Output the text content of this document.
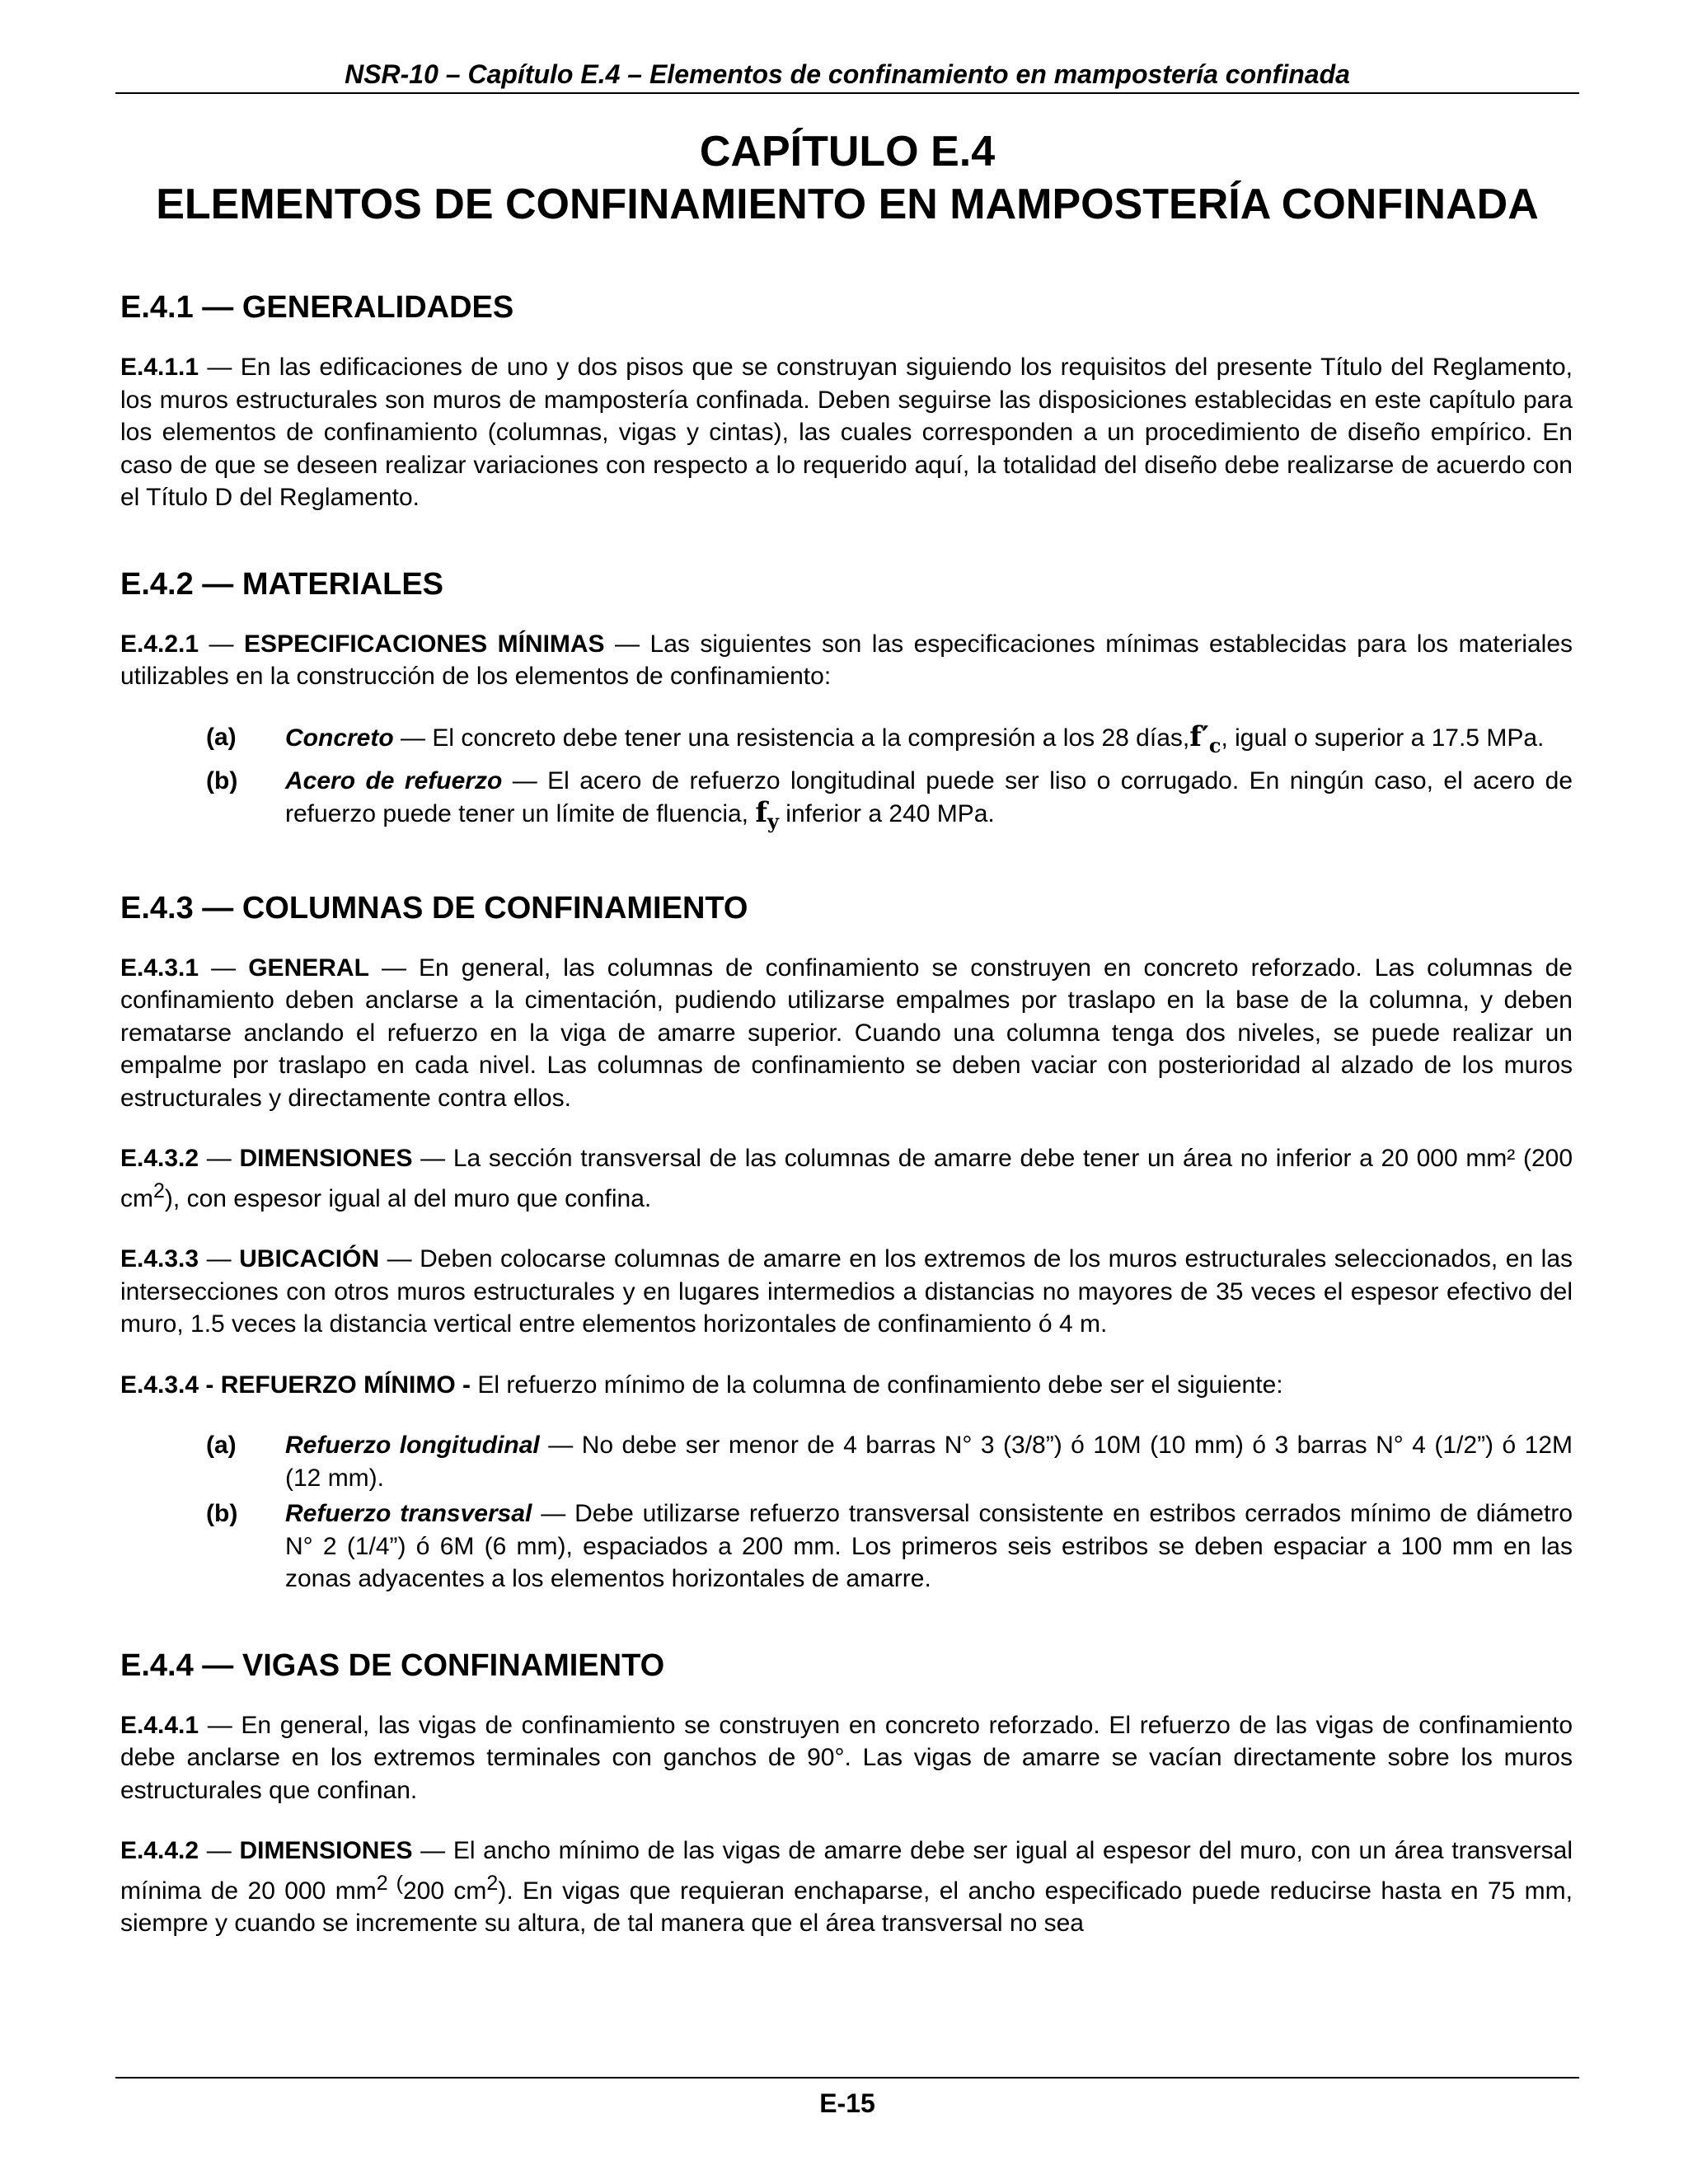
NSR-10 – Capítulo E.4 – Elementos de confinamiento en mampostería confinada
CAPÍTULO E.4
ELEMENTOS DE CONFINAMIENTO EN MAMPOSTERÍA CONFINADA
E.4.1 — GENERALIDADES

E.4.1.1 — En las edificaciones de uno y dos pisos que se construyan siguiendo los requisitos del presente Título del Reglamento, los muros estructurales son muros de mampostería confinada. Deben seguirse las disposiciones establecidas en este capítulo para los elementos de confinamiento (columnas, vigas y cintas), las cuales corresponden a un procedimiento de diseño empírico. En caso de que se deseen realizar variaciones con respecto a lo requerido aquí, la totalidad del diseño debe realizarse de acuerdo con el Título D del Reglamento.

E.4.2 — MATERIALES

E.4.2.1 — ESPECIFICACIONES MÍNIMAS — Las siguientes son las especificaciones mínimas establecidas para los materiales utilizables en la construcción de los elementos de confinamiento:

(a)	Concreto — El concreto debe tener una resistencia a la compresión a los 28 $días,f'_c$, igual o superior a 17.5 MPa.
(b)	Acero de refuerzo — El acero de refuerzo longitudinal puede ser liso o corrugado. En ningún caso, el acero de refuerzo puede tener un límite de fluencia, $f_y$ inferior a 240 MPa.
E.4.3 — COLUMNAS DE CONFINAMIENTO

E.4.3.1 — GENERAL — En general, las columnas de confinamiento se construyen en concreto reforzado. Las columnas de confinamiento deben anclarse a la cimentación, pudiendo utilizarse empalmes por traslapo en la base de la columna, y deben rematarse anclando el refuerzo en la viga de amarre superior. Cuando una columna tenga dos niveles, se puede realizar un empalme por traslapo en cada nivel. Las columnas de confinamiento se deben vaciar con posterioridad al alzado de los muros estructurales y directamente contra ellos.

E.4.3.2 — DIMENSIONES — La sección transversal de las columnas de amarre debe tener un área no inferior a 20 000 mm² (200 $cm^2$), con espesor igual al del muro que confina.

E.4.3.3 — UBICACIÓN — Deben colocarse columnas de amarre en los extremos de los muros estructurales seleccionados, en las intersecciones con otros muros estructurales y en lugares intermedios a distancias no mayores de 35 veces el espesor efectivo del muro, 1.5 veces la distancia vertical entre elementos horizontales de confinamiento ó 4 m.

E.4.3.4 - REFUERZO MÍNIMO - El refuerzo mínimo de la columna de confinamiento debe ser el siguiente:

(a)	Refuerzo longitudinal — No debe ser menor de 4 barras N° 3 (3/8”) ó 10M (10 mm) ó 3 barras N° 4 (1/2”) ó 12M (12 mm).
(b)	Refuerzo transversal — Debe utilizarse refuerzo transversal consistente en estribos cerrados mínimo de diámetro N° 2 (1/4”) ó 6M (6 mm), espaciados a 200 mm. Los primeros seis estribos se deben espaciar a 100 mm en las zonas adyacentes a los elementos horizontales de amarre.
E.4.4 — VIGAS DE CONFINAMIENTO

E.4.4.1 — En general, las vigas de confinamiento se construyen en concreto reforzado. El refuerzo de las vigas de confinamiento debe anclarse en los extremos terminales con ganchos de 90°. Las vigas de amarre se vacían directamente sobre los muros estructurales que confinan.

E.4.4.2 — DIMENSIONES — El ancho mínimo de las vigas de amarre debe ser igual al espesor del muro, con un área transversal mínima de 20 000 $mm^{2 (}200$ $cm^2$). En vigas que requieran enchaparse, el ancho especificado puede reducirse hasta en 75 mm, siempre y cuando se incremente su altura, de tal manera que el área transversal no sea

E-15
